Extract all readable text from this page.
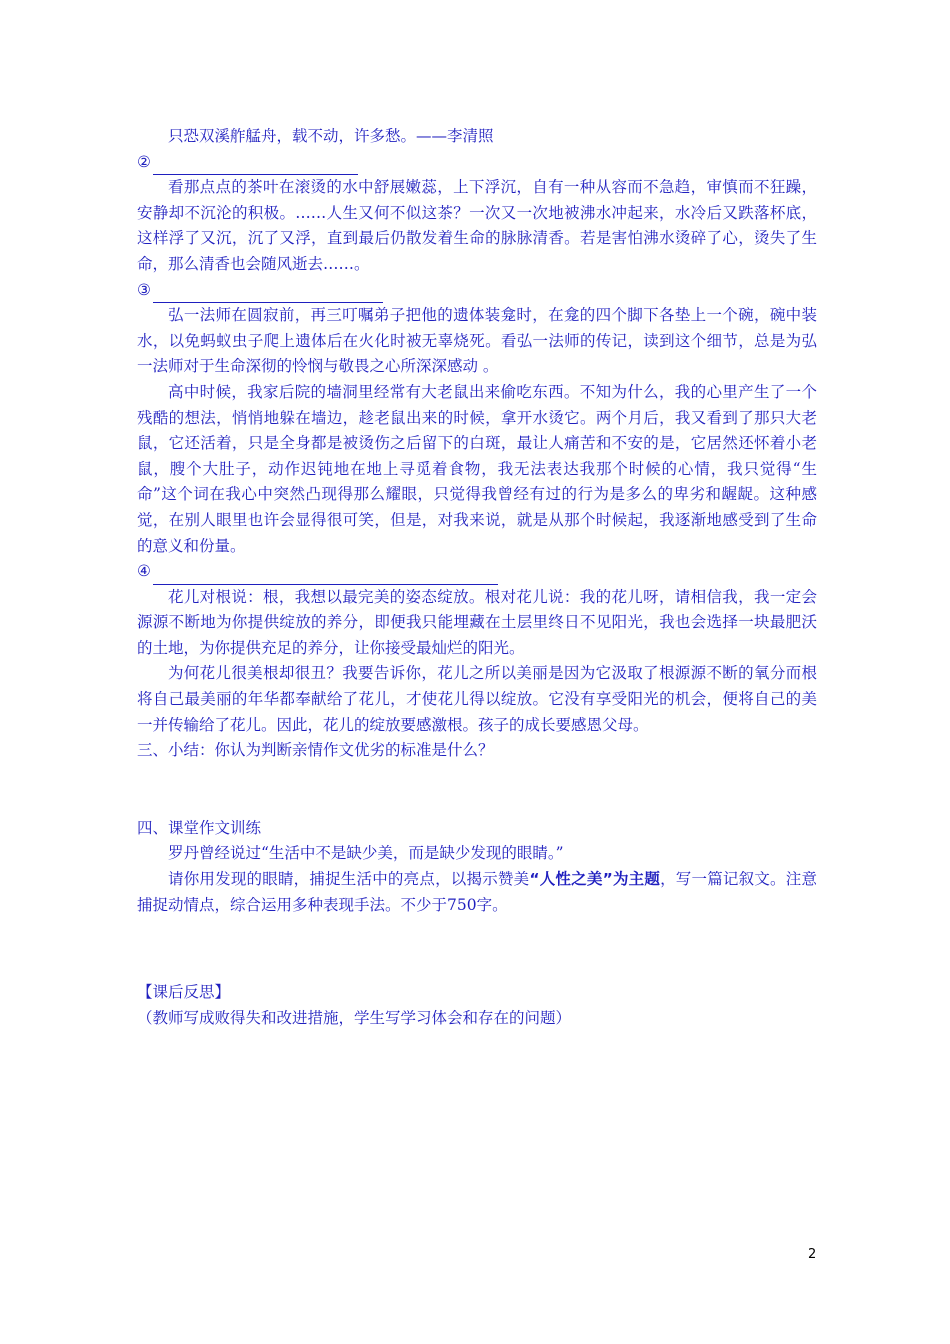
只恐双溪舴艋舟，载不动，许多愁。——李清照

②

看那点点的茶叶在滚烫的水中舒展嫩蕊，上下浮沉，自有一种从容而不急趋，审慎而不狂躁，安静却不沉沦的积极。……人生又何不似这茶？一次又一次地被沸水冲起来，水冷后又跌落杯底，这样浮了又沉，沉了又浮，直到最后仍散发着生命的脉脉清香。若是害怕沸水烫碎了心，烫失了生命，那么清香也会随风逝去……。

③

弘一法师在圆寂前，再三叮嘱弟子把他的遗体装龛时，在龛的四个脚下各垫上一个碗，碗中装水，以免蚂蚁虫子爬上遗体后在火化时被无辜烧死。看弘一法师的传记，读到这个细节，总是为弘一法师对于生命深彻的怜悯与敬畏之心所深深感动 。

高中时候，我家后院的墙洞里经常有大老鼠出来偷吃东西。不知为什么，我的心里产生了一个残酷的想法，悄悄地躲在墙边，趁老鼠出来的时候，拿开水烫它。两个月后，我又看到了那只大老鼠，它还活着，只是全身都是被烫伤之后留下的白斑，最让人痛苦和不安的是，它居然还怀着小老鼠，膄个大肚子，动作迟钝地在地上寻觅着食物，我无法表达我那个时候的心情，我只觉得“生命”这个词在我心中突然凸现得那么耀眼，只觉得我曾经有过的行为是多么的卑劣和龌龊。这种感觉，在别人眼里也许会显得很可笑，但是，对我来说，就是从那个时候起，我逐渐地感受到了生命的意义和份量。

④

花儿对根说：根，我想以最完美的姿态绽放。根对花儿说：我的花儿呀，请相信我，我一定会源源不断地为你提供绽放的养分，即便我只能埋藏在土层里终日不见阳光，我也会选择一块最肥沃的土地，为你提供充足的养分，让你接受最灿烂的阳光。

为何花儿很美根却很丑？我要告诉你，花儿之所以美丽是因为它汲取了根源源不断的氧分而根将自己最美丽的年华都奉献给了花儿，才使花儿得以绽放。它没有享受阳光的机会，便将自己的美一并传输给了花儿。因此，花儿的绽放要感激根。孩子的成长要感恩父母。

三、小结：你认为判断亲情作文优劣的标准是什么？

四、课堂作文训练

罗丹曾经说过“生活中不是缺少美，而是缺少发现的眼睛。”

请你用发现的眼睛，捕捉生活中的亮点，以揭示赞美“人性之美”为主题，写一篇记叙文。注意捕捉动情点，综合运用多种表现手法。不少于750字。

【课后反思】

（教师写成败得失和改进措施，学生写学习体会和存在的问题）

2
